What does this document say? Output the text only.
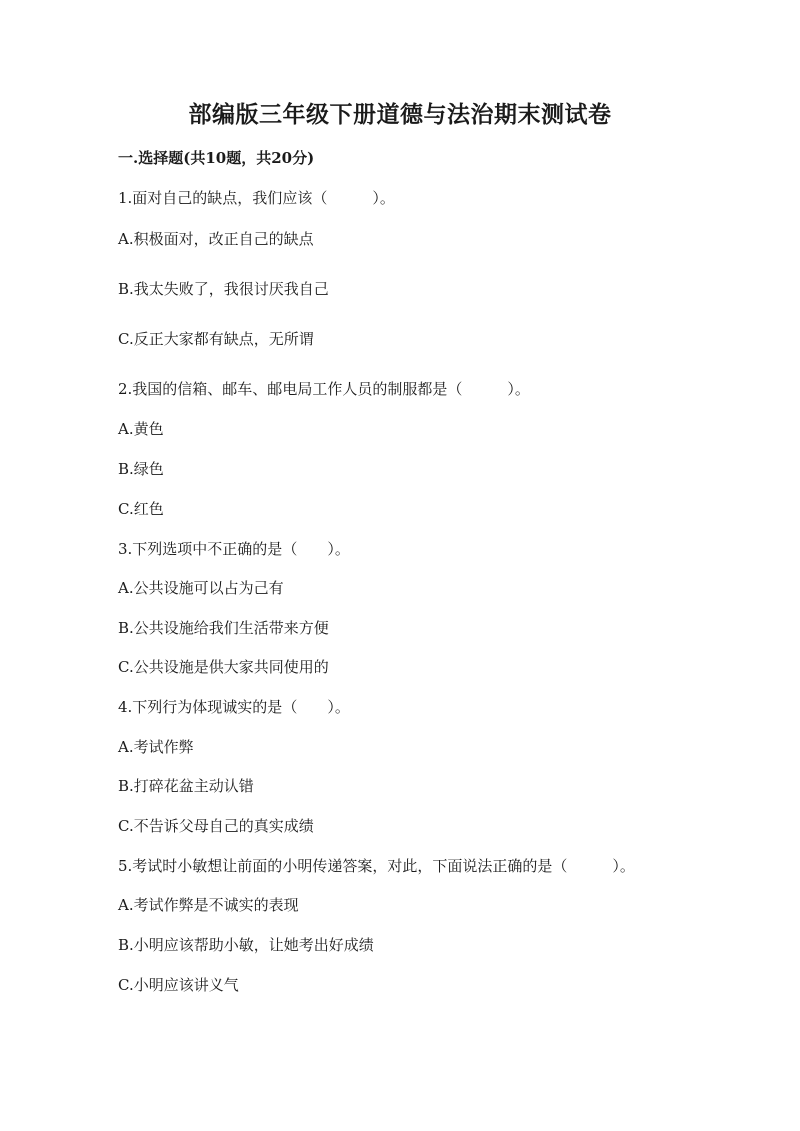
部编版三年级下册道德与法治期末测试卷
一.选择题(共10题，共20分)
1.面对自己的缺点，我们应该（　　　）。
A.积极面对，改正自己的缺点
B.我太失败了，我很讨厌我自己
C.反正大家都有缺点，无所谓
2.我国的信箱、邮车、邮电局工作人员的制服都是（　　　）。
A.黄色
B.绿色
C.红色
3.下列选项中不正确的是（　　）。
A.公共设施可以占为己有
B.公共设施给我们生活带来方便
C.公共设施是供大家共同使用的
4.下列行为体现诚实的是（　　）。
A.考试作弊
B.打碎花盆主动认错
C.不告诉父母自己的真实成绩
5.考试时小敏想让前面的小明传递答案，对此，下面说法正确的是（　　　）。
A.考试作弊是不诚实的表现
B.小明应该帮助小敏，让她考出好成绩
C.小明应该讲义气
